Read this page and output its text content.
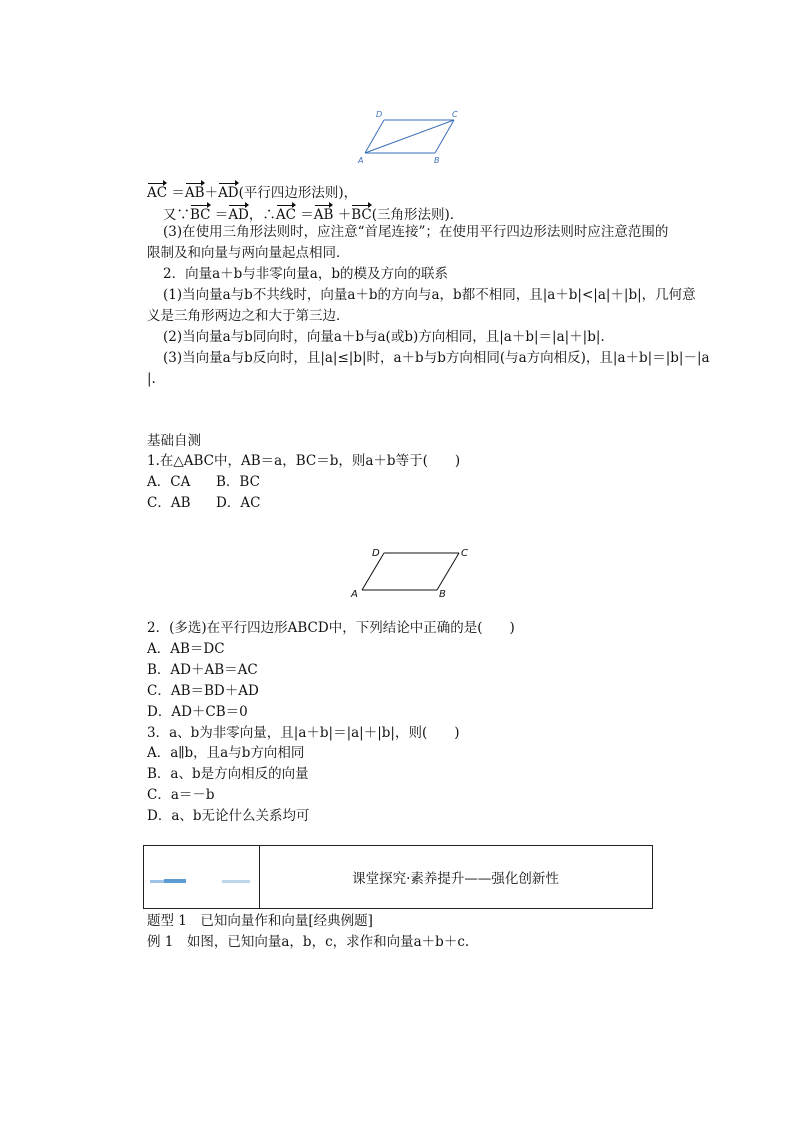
D	C
A	B
AC ＝AB＋AD(平行四边形法则)，
又∵BC ＝AD，∴AC ＝AB ＋BC(三角形法则)．
(3)在使用三角形法则时，应注意“首尾连接”；在使用平行四边形法则时应注意范围的
限制及和向量与两向量起点相同．
2．向量a＋b与非零向量a，b的模及方向的联系
(1)当向量a与b不共线时，向量a＋b的方向与a，b都不相同，且|a＋b|<|a|＋|b|，几何意
义是三角形两边之和大于第三边．
(2)当向量a与b同向时，向量a＋b与a(或b)方向相同，且|a＋b|＝|a|＋|b|.
(3)当向量a与b反向时，且|a|≤|b|时，a＋b与b方向相同(与a方向相反)，且|a＋b|＝|b|－|a
|.
基础自测
1.在△ABC中，AB＝a，BC＝b，则a＋b等于(　　)
A．CA B．BC
C．AB D．AC
D	C
A	B
2．(多选)在平行四边形ABCD中，下列结论中正确的是(　　)
A．AB＝DC
B．AD＋AB＝AC
C．AB＝BD＋AD
D．AD＋CB＝0
3．a、b为非零向量，且|a＋b|＝|a|＋|b|，则(　　)
A．a∥b，且a与b方向相同
B．a、b是方向相反的向量
C．a＝－b
D．a、b无论什么关系均可
课堂探究·素养提升——强化创新性
题型 1　已知向量作和向量[经典例题]
例 1　如图，已知向量a，b，c，求作和向量a＋b＋c.
